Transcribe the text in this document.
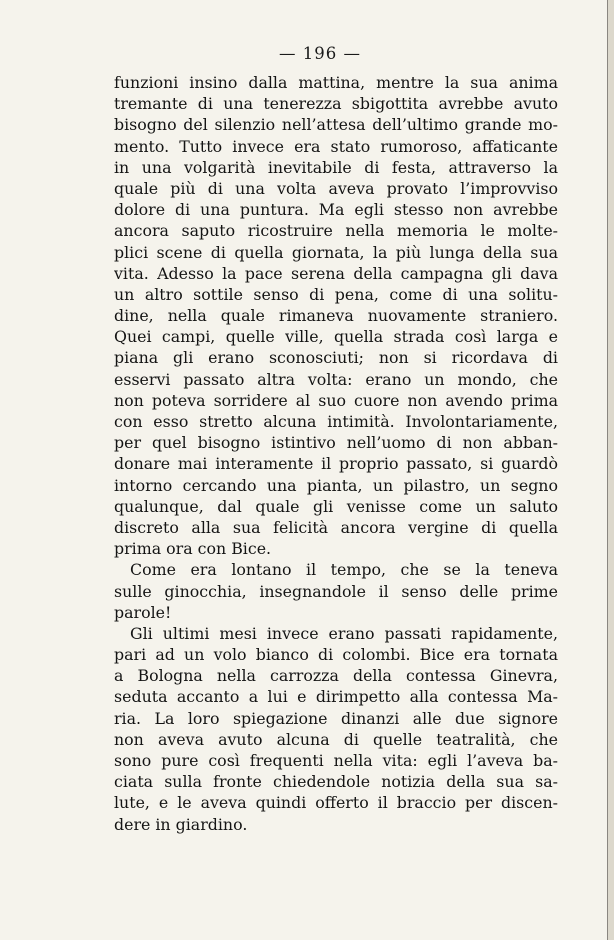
— 196 —
funzioni insino dalla mattina, mentre la sua anima
tremante di una tenerezza sbigottita avrebbe avuto
bisogno del silenzio nell’attesa dell’ultimo grande mo-
mento. Tutto invece era stato rumoroso, affaticante
in una volgarità inevitabile di festa, attraverso la
quale più di una volta aveva provato l’improvviso
dolore di una puntura. Ma egli stesso non avrebbe
ancora saputo ricostruire nella memoria le molte-
plici scene di quella giornata, la più lunga della sua
vita. Adesso la pace serena della campagna gli dava
un altro sottile senso di pena, come di una solitu-
dine, nella quale rimaneva nuovamente straniero.
Quei campi, quelle ville, quella strada così larga e
piana gli erano sconosciuti; non si ricordava di
esservi passato altra volta: erano un mondo, che
non poteva sorridere al suo cuore non avendo prima
con esso stretto alcuna intimità. Involontariamente,
per quel bisogno istintivo nell’uomo di non abban-
donare mai interamente il proprio passato, si guardò
intorno cercando una pianta, un pilastro, un segno
qualunque, dal quale gli venisse come un saluto
discreto alla sua felicità ancora vergine di quella
prima ora con Bice.
Come era lontano il tempo, che se la teneva
sulle ginocchia, insegnandole il senso delle prime
parole!
Gli ultimi mesi invece erano passati rapidamente,
pari ad un volo bianco di colombi. Bice era tornata
a Bologna nella carrozza della contessa Ginevra,
seduta accanto a lui e dirimpetto alla contessa Ma-
ria. La loro spiegazione dinanzi alle due signore
non aveva avuto alcuna di quelle teatralità, che
sono pure così frequenti nella vita: egli l’aveva ba-
ciata sulla fronte chiedendole notizia della sua sa-
lute, e le aveva quindi offerto il braccio per discen-
dere in giardino.
